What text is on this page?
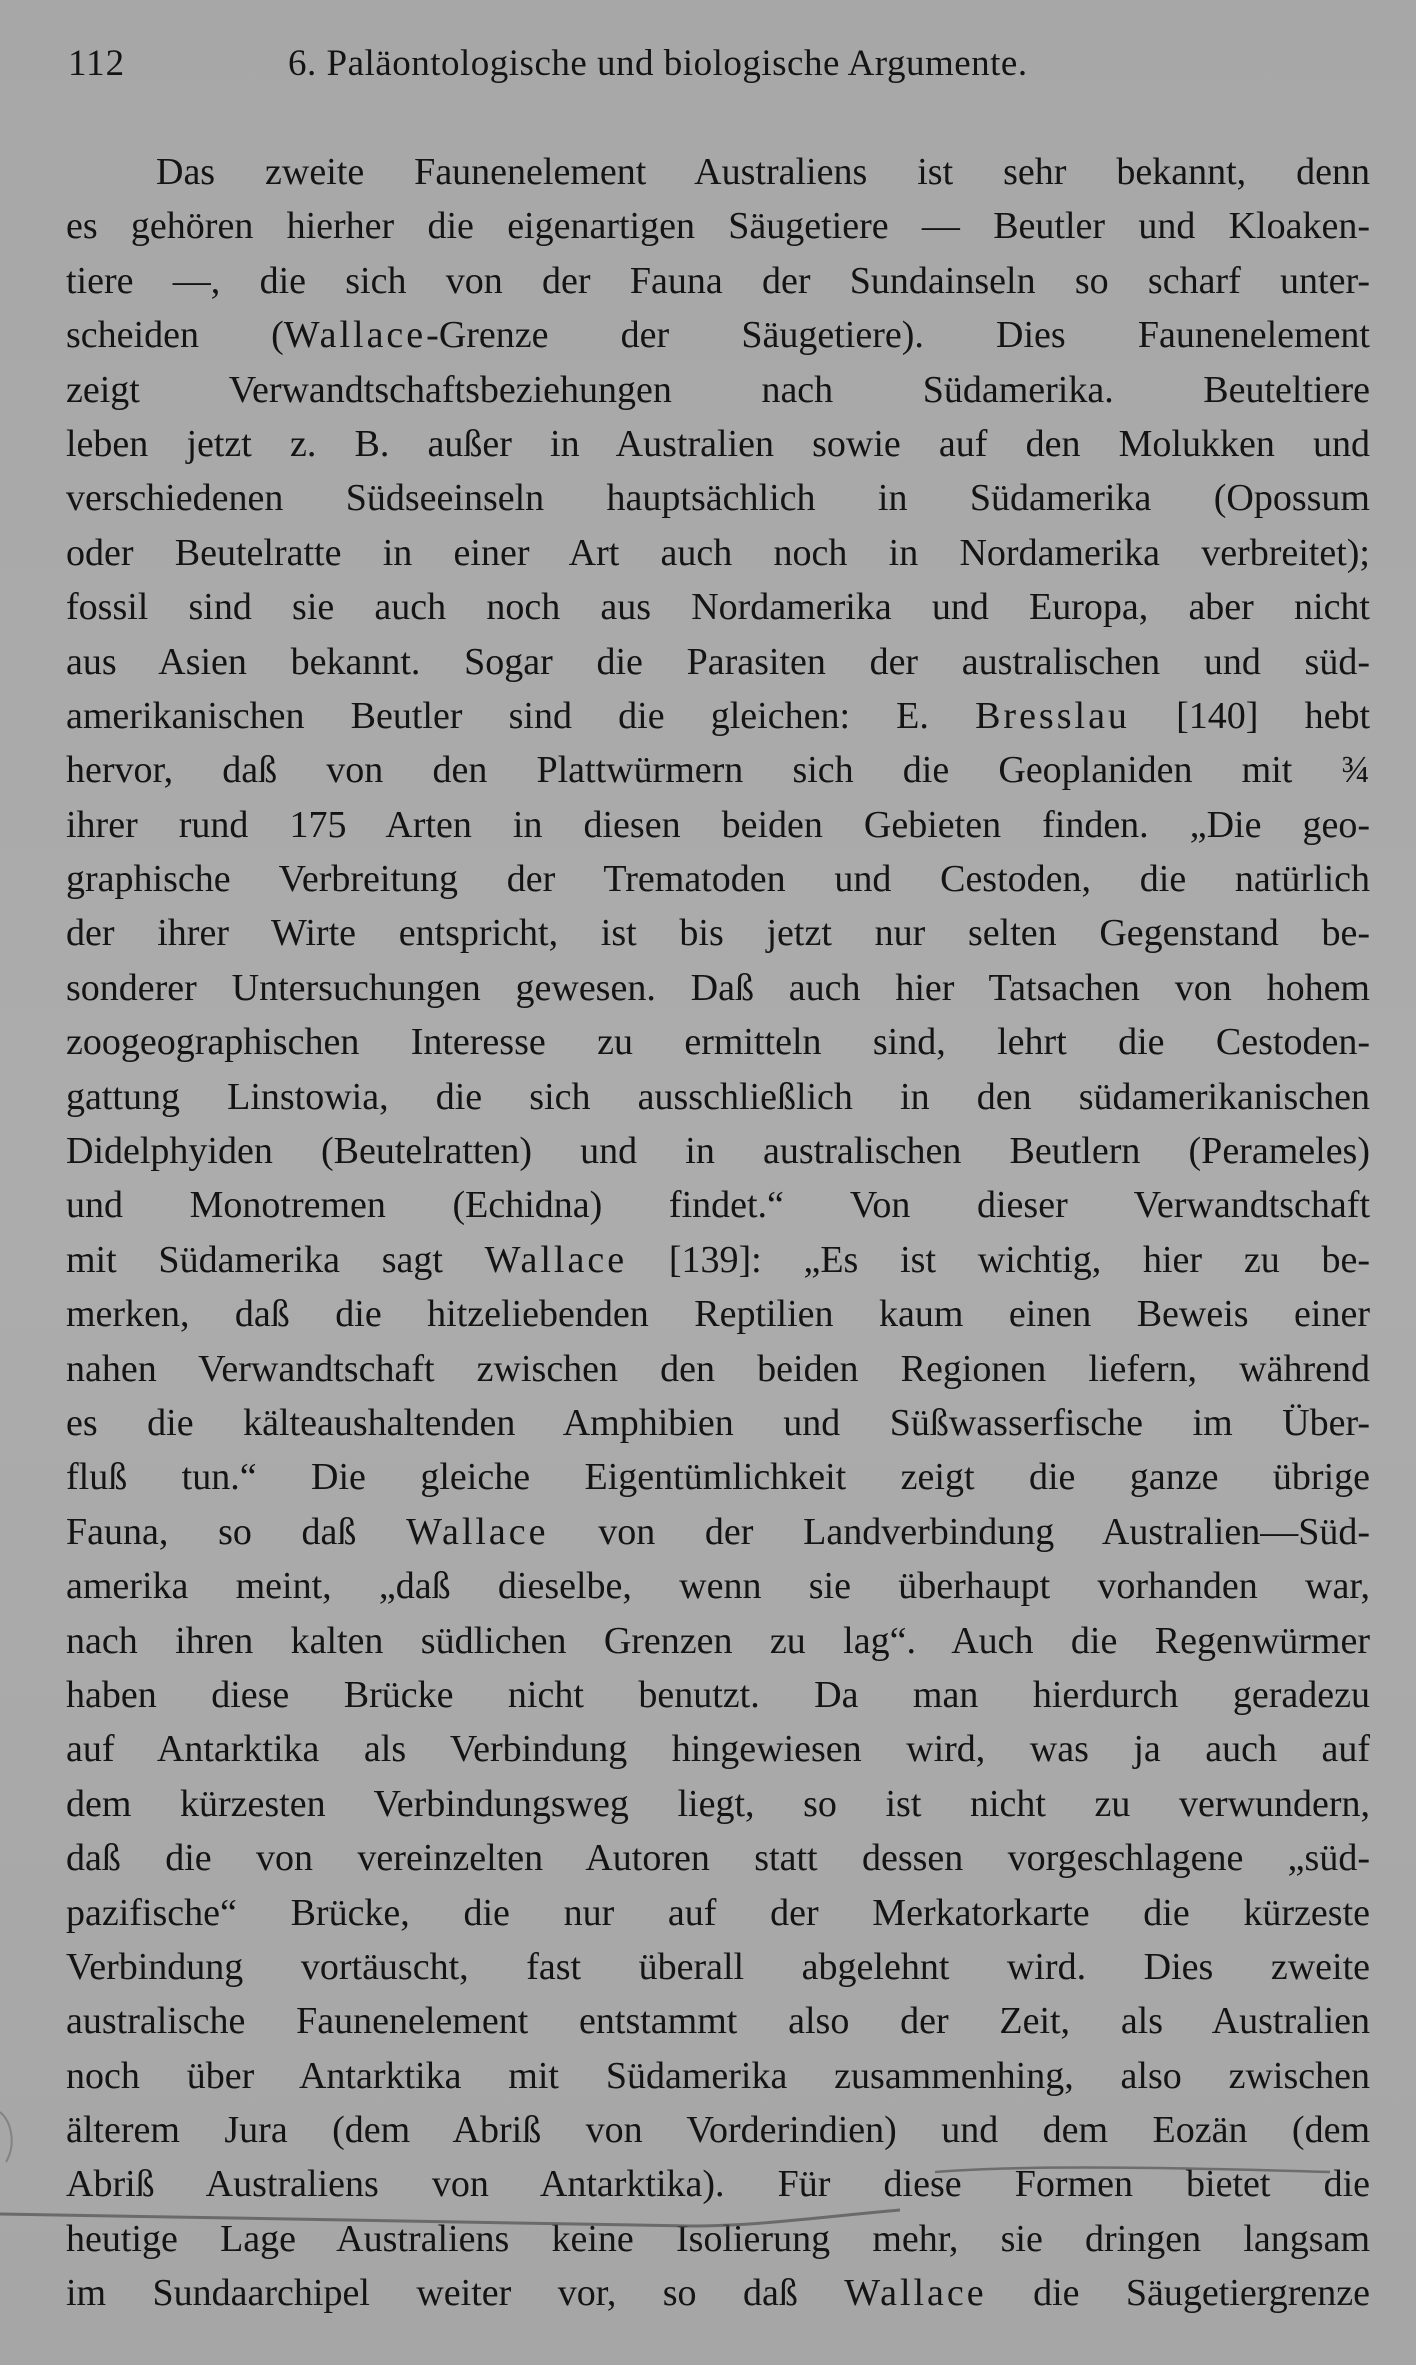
112	6. Paläontologische und biologische Argumente.
Das zweite Faunenelement Australiens ist sehr bekannt, denn
es gehören hierher die eigenartigen Säugetiere — Beutler und Kloaken-
tiere —, die sich von der Fauna der Sundainseln so scharf unter-
scheiden (Wallace-Grenze der Säugetiere). Dies Faunenelement
zeigt Verwandtschaftsbeziehungen nach Südamerika. Beuteltiere
leben jetzt z. B. außer in Australien sowie auf den Molukken und
verschiedenen Südseeinseln hauptsächlich in Südamerika (Opossum
oder Beutelratte in einer Art auch noch in Nordamerika verbreitet);
fossil sind sie auch noch aus Nordamerika und Europa, aber nicht
aus Asien bekannt. Sogar die Parasiten der australischen und süd-
amerikanischen Beutler sind die gleichen: E. Bresslau [140] hebt
hervor, daß von den Plattwürmern sich die Geoplaniden mit ¾
ihrer rund 175 Arten in diesen beiden Gebieten finden. „Die geo-
graphische Verbreitung der Trematoden und Cestoden, die natürlich
der ihrer Wirte entspricht, ist bis jetzt nur selten Gegenstand be-
sonderer Untersuchungen gewesen. Daß auch hier Tatsachen von hohem
zoogeographischen Interesse zu ermitteln sind, lehrt die Cestoden-
gattung Linstowia, die sich ausschließlich in den südamerikanischen
Didelphyiden (Beutelratten) und in australischen Beutlern (Perameles)
und Monotremen (Echidna) findet.“ Von dieser Verwandtschaft
mit Südamerika sagt Wallace [139]: „Es ist wichtig, hier zu be-
merken, daß die hitzeliebenden Reptilien kaum einen Beweis einer
nahen Verwandtschaft zwischen den beiden Regionen liefern, während
es die kälteaushaltenden Amphibien und Süßwasserfische im Über-
fluß tun.“ Die gleiche Eigentümlichkeit zeigt die ganze übrige
Fauna, so daß Wallace von der Landverbindung Australien—Süd-
amerika meint, „daß dieselbe, wenn sie überhaupt vorhanden war,
nach ihren kalten südlichen Grenzen zu lag“. Auch die Regenwürmer
haben diese Brücke nicht benutzt. Da man hierdurch geradezu
auf Antarktika als Verbindung hingewiesen wird, was ja auch auf
dem kürzesten Verbindungsweg liegt, so ist nicht zu verwundern,
daß die von vereinzelten Autoren statt dessen vorgeschlagene „süd-
pazifische“ Brücke, die nur auf der Merkatorkarte die kürzeste
Verbindung vortäuscht, fast überall abgelehnt wird. Dies zweite
australische Faunenelement entstammt also der Zeit, als Australien
noch über Antarktika mit Südamerika zusammenhing, also zwischen
älterem Jura (dem Abriß von Vorderindien) und dem Eozän (dem
Abriß Australiens von Antarktika). Für diese Formen bietet die
heutige Lage Australiens keine Isolierung mehr, sie dringen langsam
im Sundaarchipel weiter vor, so daß Wallace die Säugetiergrenze
